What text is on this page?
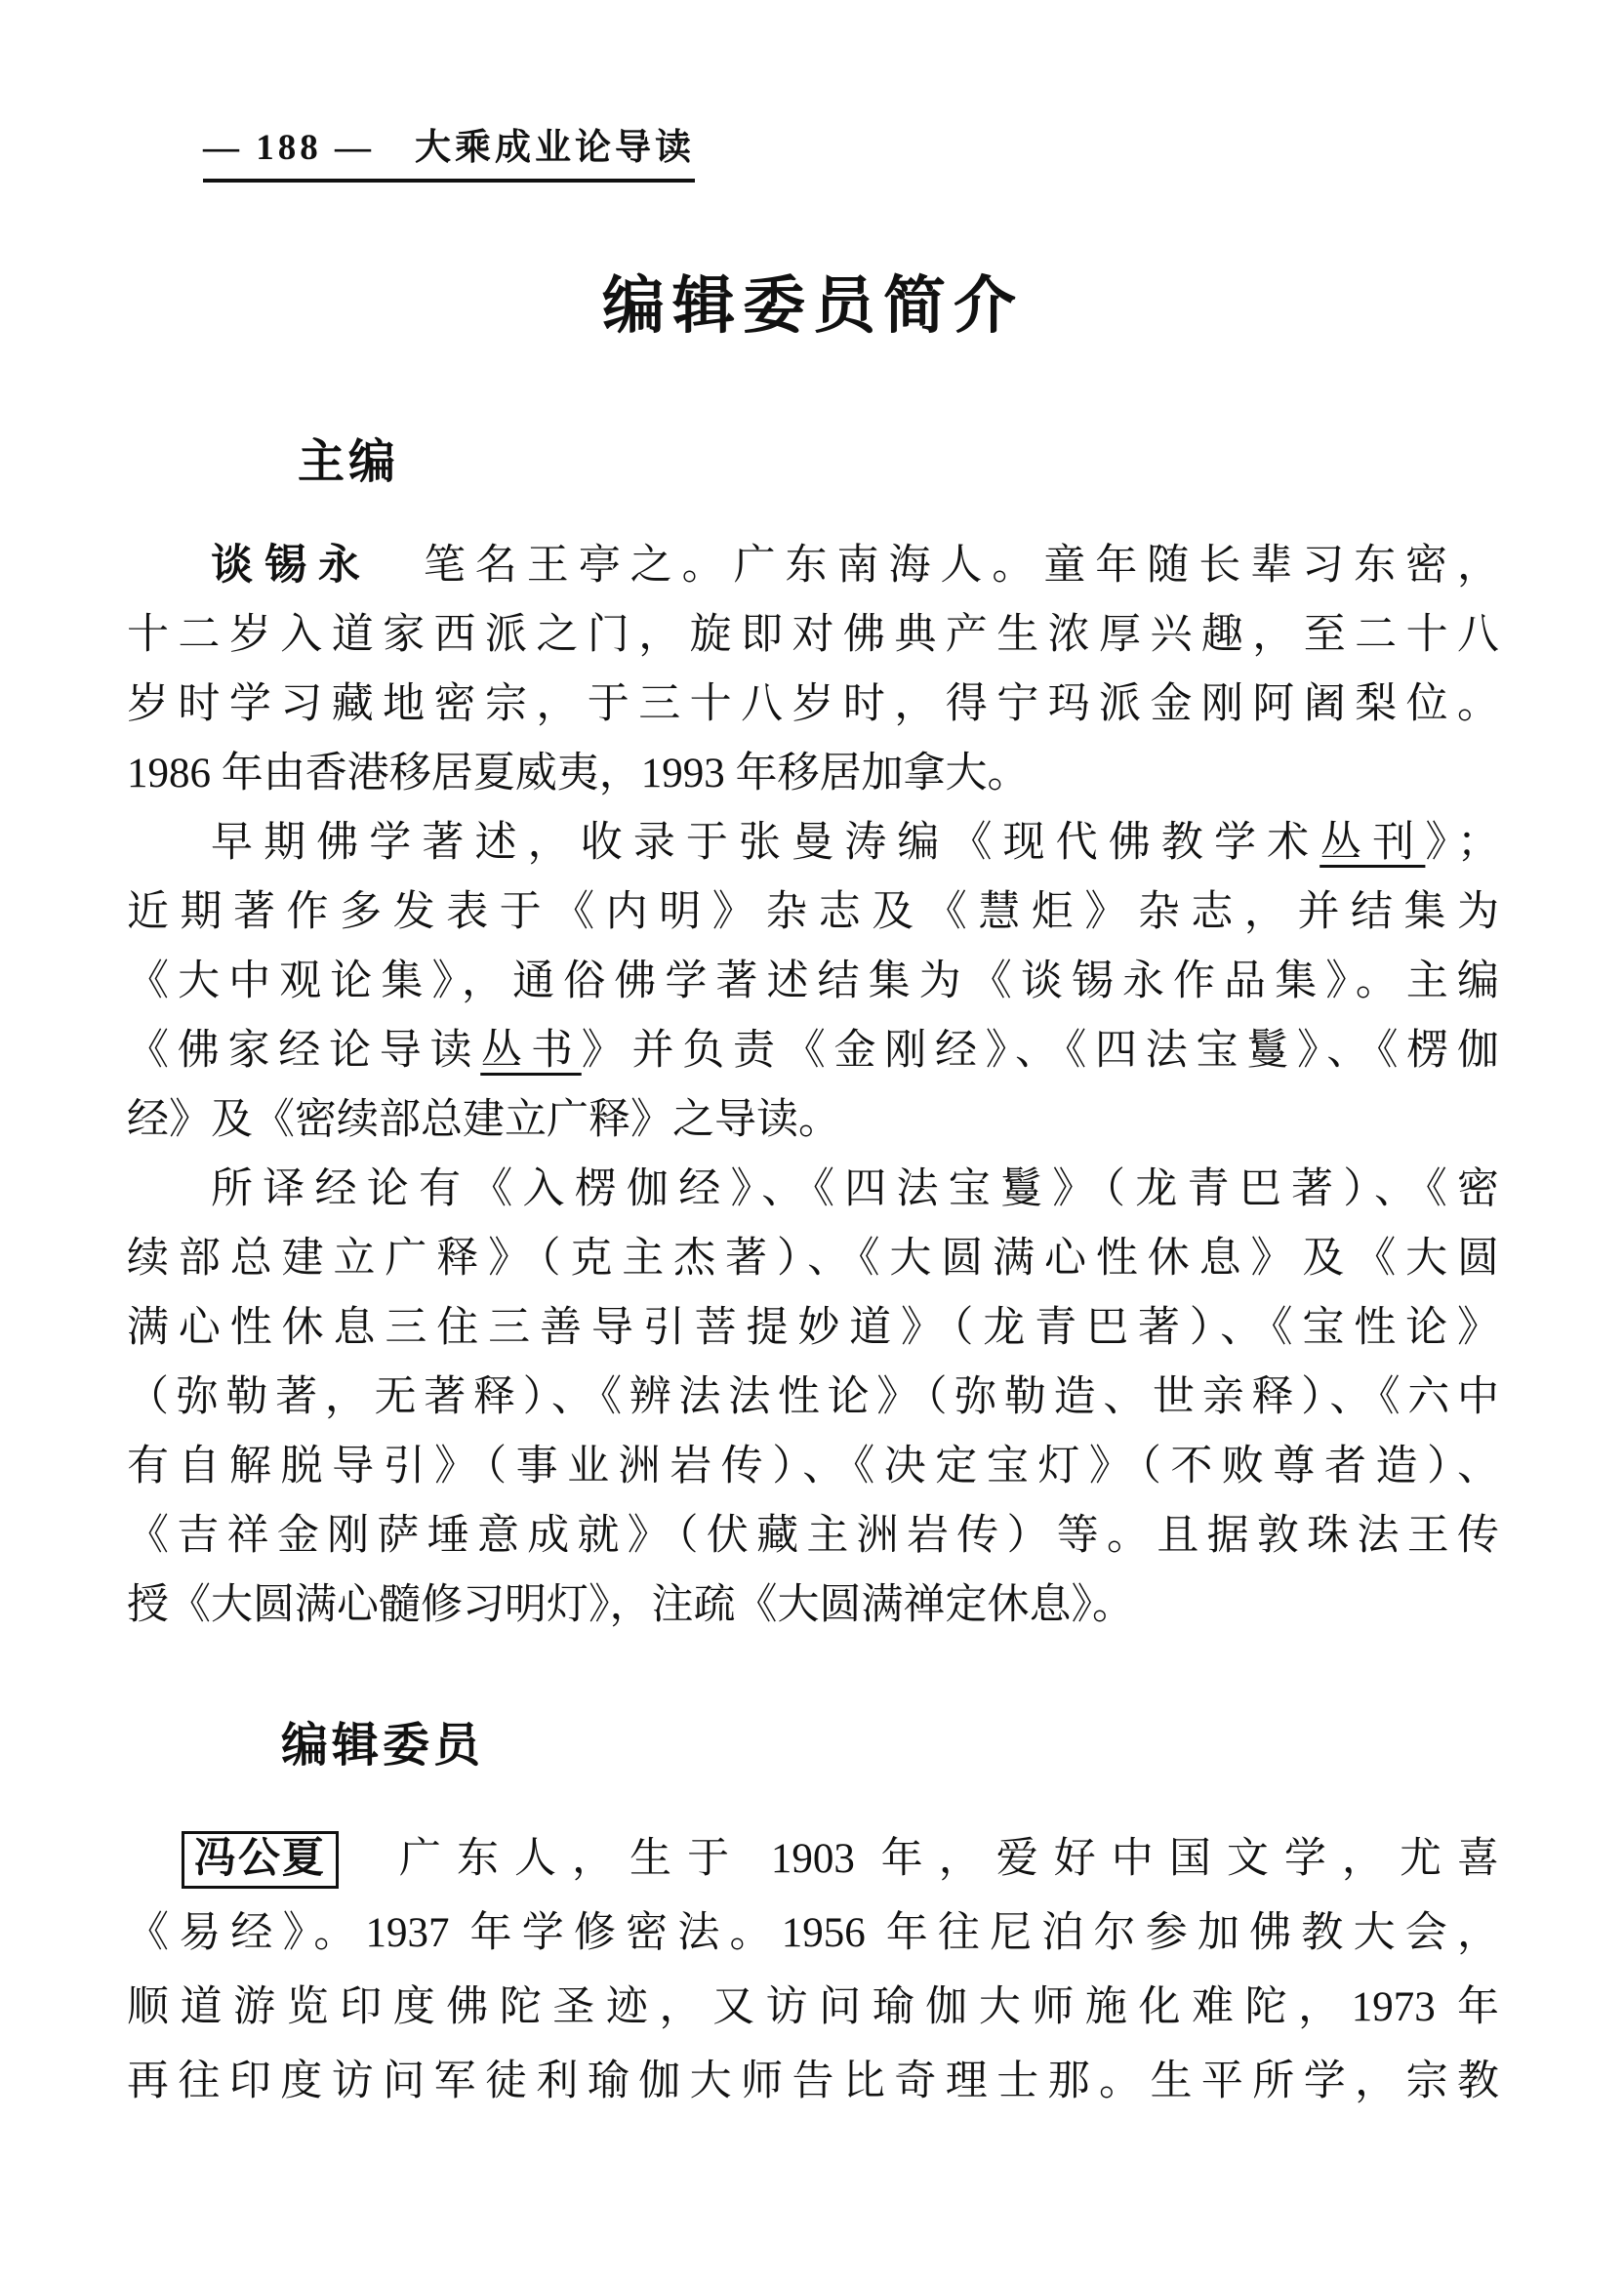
— 188 —　大乘成业论导读
编辑委员简介
主编
谈锡永　笔名王亭之。广东南海人。童年随长辈习东密，
十二岁入道家西派之门，旋即对佛典产生浓厚兴趣，至二十八
岁时学习藏地密宗，于三十八岁时，得宁玛派金刚阿阇梨位。
1986 年由香港移居夏威夷，1993 年移居加拿大。
早期佛学著述，收录于张曼涛编《现代佛教学术丛刊》；
近期著作多发表于《内明》杂志及《慧炬》杂志，并结集为
《大中观论集》，通俗佛学著述结集为《谈锡永作品集》。主编
《佛家经论导读丛书》并负责《金刚经》、《四法宝鬘》、《楞伽
经》及《密续部总建立广释》之导读。
所译经论有《入楞伽经》、《四法宝鬘》（龙青巴著）、《密
续部总建立广释》（克主杰著）、《大圆满心性休息》及《大圆
满心性休息三住三善导引菩提妙道》（龙青巴著）、《宝性论》
（弥勒著，无著释）、《辨法法性论》（弥勒造、世亲释）、《六中
有自解脱导引》（事业洲岩传）、《决定宝灯》（不败尊者造）、
《吉祥金刚萨埵意成就》（伏藏主洲岩传）等。且据敦珠法王传
授《大圆满心髓修习明灯》，注疏《大圆满禅定休息》。
编辑委员
冯公夏 广东人，生于 1903 年，爱好中国文学，尤喜
《易经》。1937 年学修密法。1956 年往尼泊尔参加佛教大会，
顺道游览印度佛陀圣迹，又访问瑜伽大师施化难陀，1973 年
再往印度访问军徒利瑜伽大师告比奇理士那。生平所学，宗教
